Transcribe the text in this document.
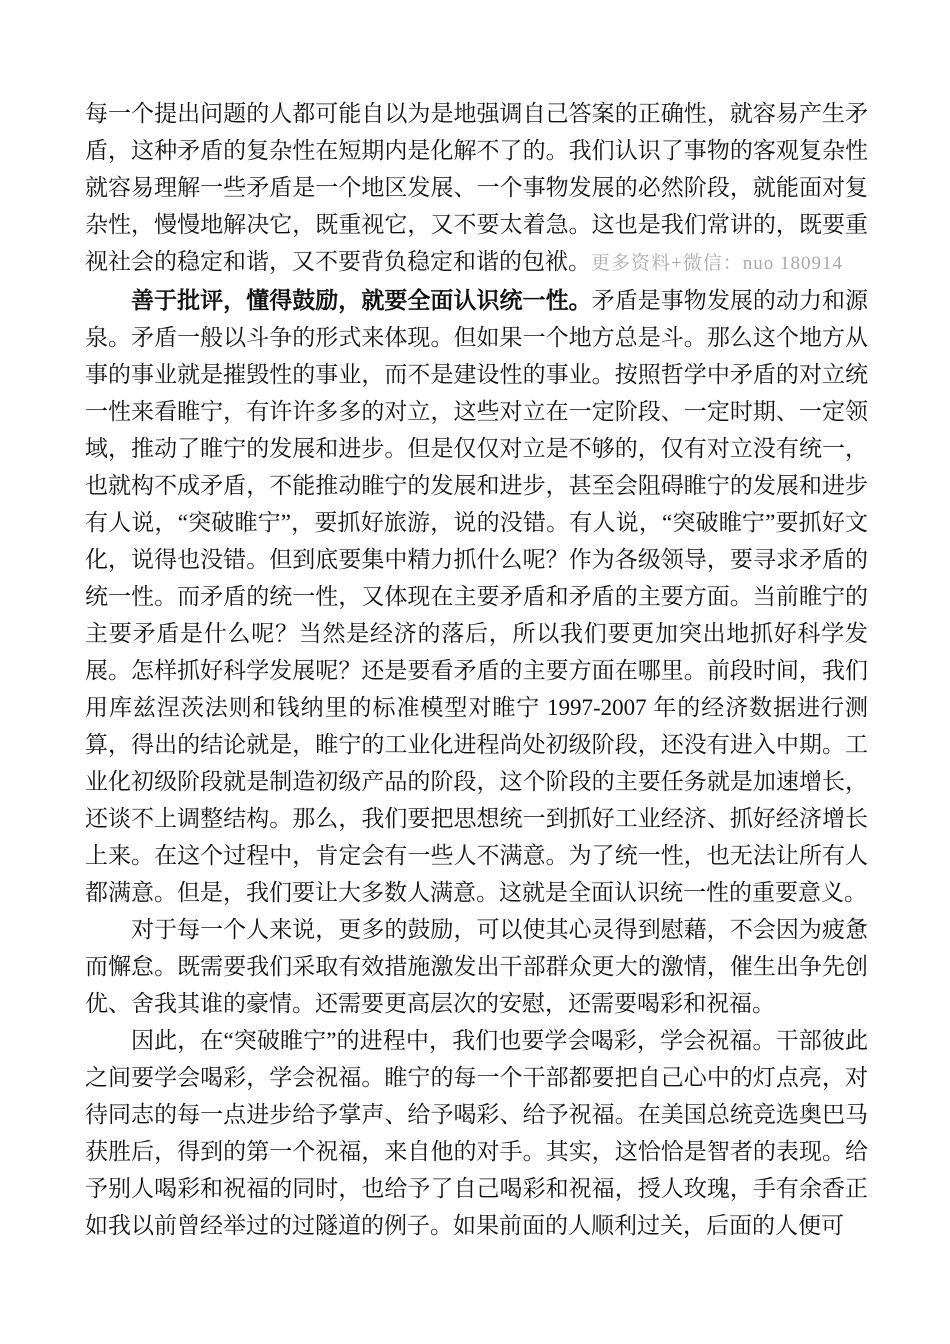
每一个提出问题的人都可能自以为是地强调自己答案的正确性，就容易产生矛盾，这种矛盾的复杂性在短期内是化解不了的。我们认识了事物的客观复杂性就容易理解一些矛盾是一个地区发展、一个事物发展的必然阶段，就能面对复杂性，慢慢地解决它，既重视它，又不要太着急。这也是我们常讲的，既要重视社会的稳定和谐，又不要背负稳定和谐的包袱。更多资料+微信：nuo 180914

善于批评，懂得鼓励，就要全面认识统一性。矛盾是事物发展的动力和源泉。矛盾一般以斗争的形式来体现。但如果一个地方总是斗。那么这个地方从事的事业就是摧毁性的事业，而不是建设性的事业。按照哲学中矛盾的对立统一性来看睢宁，有许许多多的对立，这些对立在一定阶段、一定时期、一定领域，推动了睢宁的发展和进步。但是仅仅对立是不够的，仅有对立没有统一，也就构不成矛盾，不能推动睢宁的发展和进步，甚至会阻碍睢宁的发展和进步有人说，“突破睢宁”，要抓好旅游，说的没错。有人说，“突破睢宁”要抓好文化，说得也没错。但到底要集中精力抓什么呢？作为各级领导，要寻求矛盾的统一性。而矛盾的统一性，又体现在主要矛盾和矛盾的主要方面。当前睢宁的主要矛盾是什么呢？当然是经济的落后，所以我们要更加突出地抓好科学发展。怎样抓好科学发展呢？还是要看矛盾的主要方面在哪里。前段时间，我们用库兹涅茨法则和钱纳里的标准模型对睢宁 1997-2007 年的经济数据进行测算，得出的结论就是，睢宁的工业化进程尚处初级阶段，还没有进入中期。工业化初级阶段就是制造初级产品的阶段，这个阶段的主要任务就是加速增长，还谈不上调整结构。那么，我们要把思想统一到抓好工业经济、抓好经济增长上来。在这个过程中，肯定会有一些人不满意。为了统一性，也无法让所有人都满意。但是，我们要让大多数人满意。这就是全面认识统一性的重要意义。

对于每一个人来说，更多的鼓励，可以使其心灵得到慰藉，不会因为疲惫而懈怠。既需要我们采取有效措施激发出干部群众更大的激情，催生出争先创优、舍我其谁的豪情。还需要更高层次的安慰，还需要喝彩和祝福。

因此，在“突破睢宁”的进程中，我们也要学会喝彩，学会祝福。干部彼此之间要学会喝彩，学会祝福。睢宁的每一个干部都要把自己心中的灯点亮，对待同志的每一点进步给予掌声、给予喝彩、给予祝福。在美国总统竞选奥巴马获胜后，得到的第一个祝福，来自他的对手。其实，这恰恰是智者的表现。给予别人喝彩和祝福的同时，也给予了自己喝彩和祝福，授人玫瑰，手有余香正如我以前曾经举过的过隧道的例子。如果前面的人顺利过关，后面的人便可
